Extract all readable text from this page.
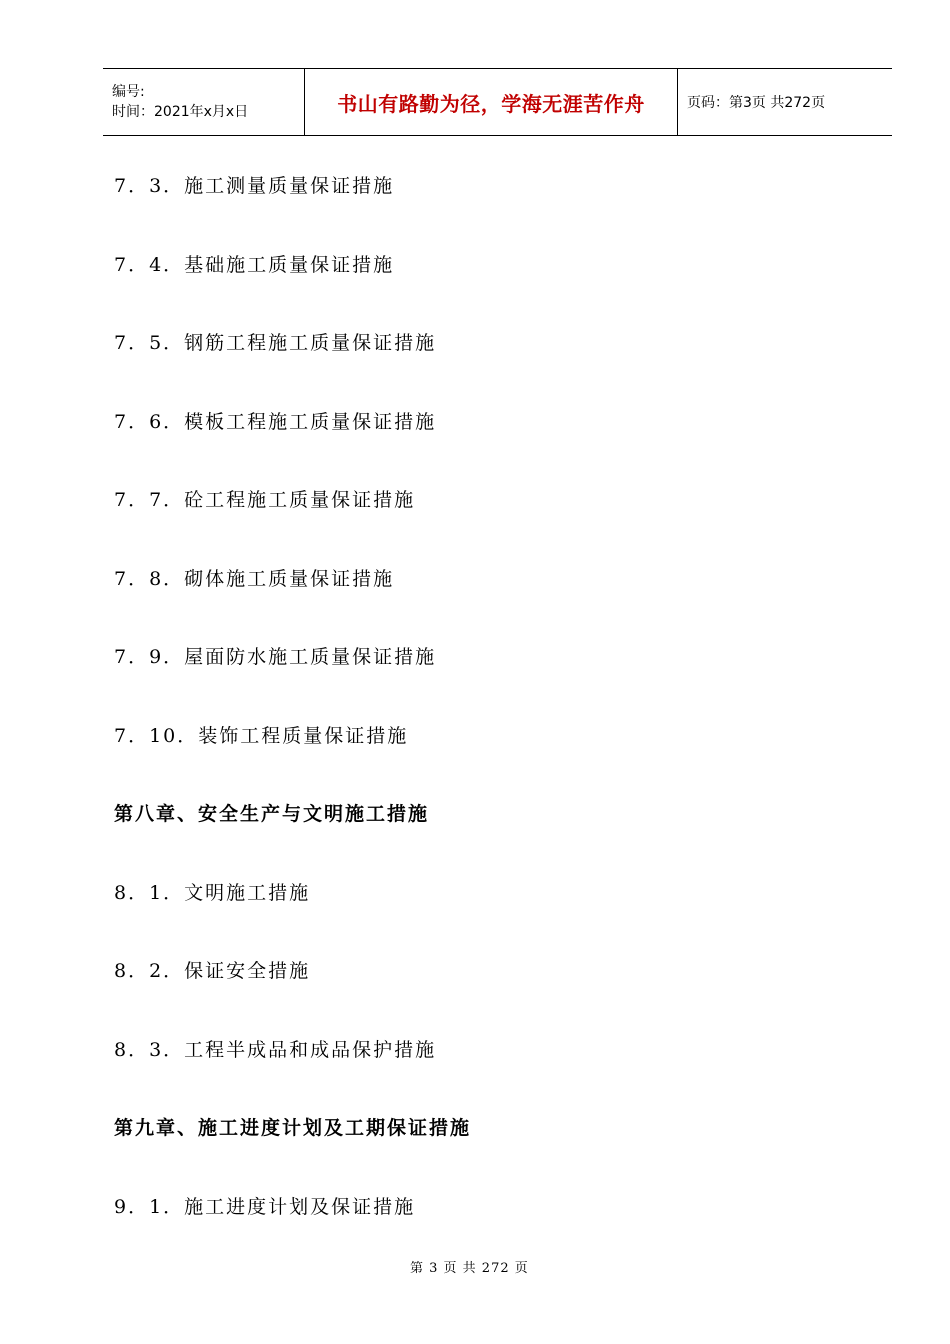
编号:
时间：2021年x月x日	书山有路勤为径，学海无涯苦作舟	页码：第3页 共272页
7．3．施工测量质量保证措施
7．4．基础施工质量保证措施
7．5．钢筋工程施工质量保证措施
7．6．模板工程施工质量保证措施
7．7．砼工程施工质量保证措施
7．8．砌体施工质量保证措施
7．9．屋面防水施工质量保证措施
7．10．装饰工程质量保证措施
第八章、安全生产与文明施工措施
8．1．文明施工措施
8．2．保证安全措施
8．3．工程半成品和成品保护措施
第九章、施工进度计划及工期保证措施
9．1．施工进度计划及保证措施
第 3 页 共 272 页
